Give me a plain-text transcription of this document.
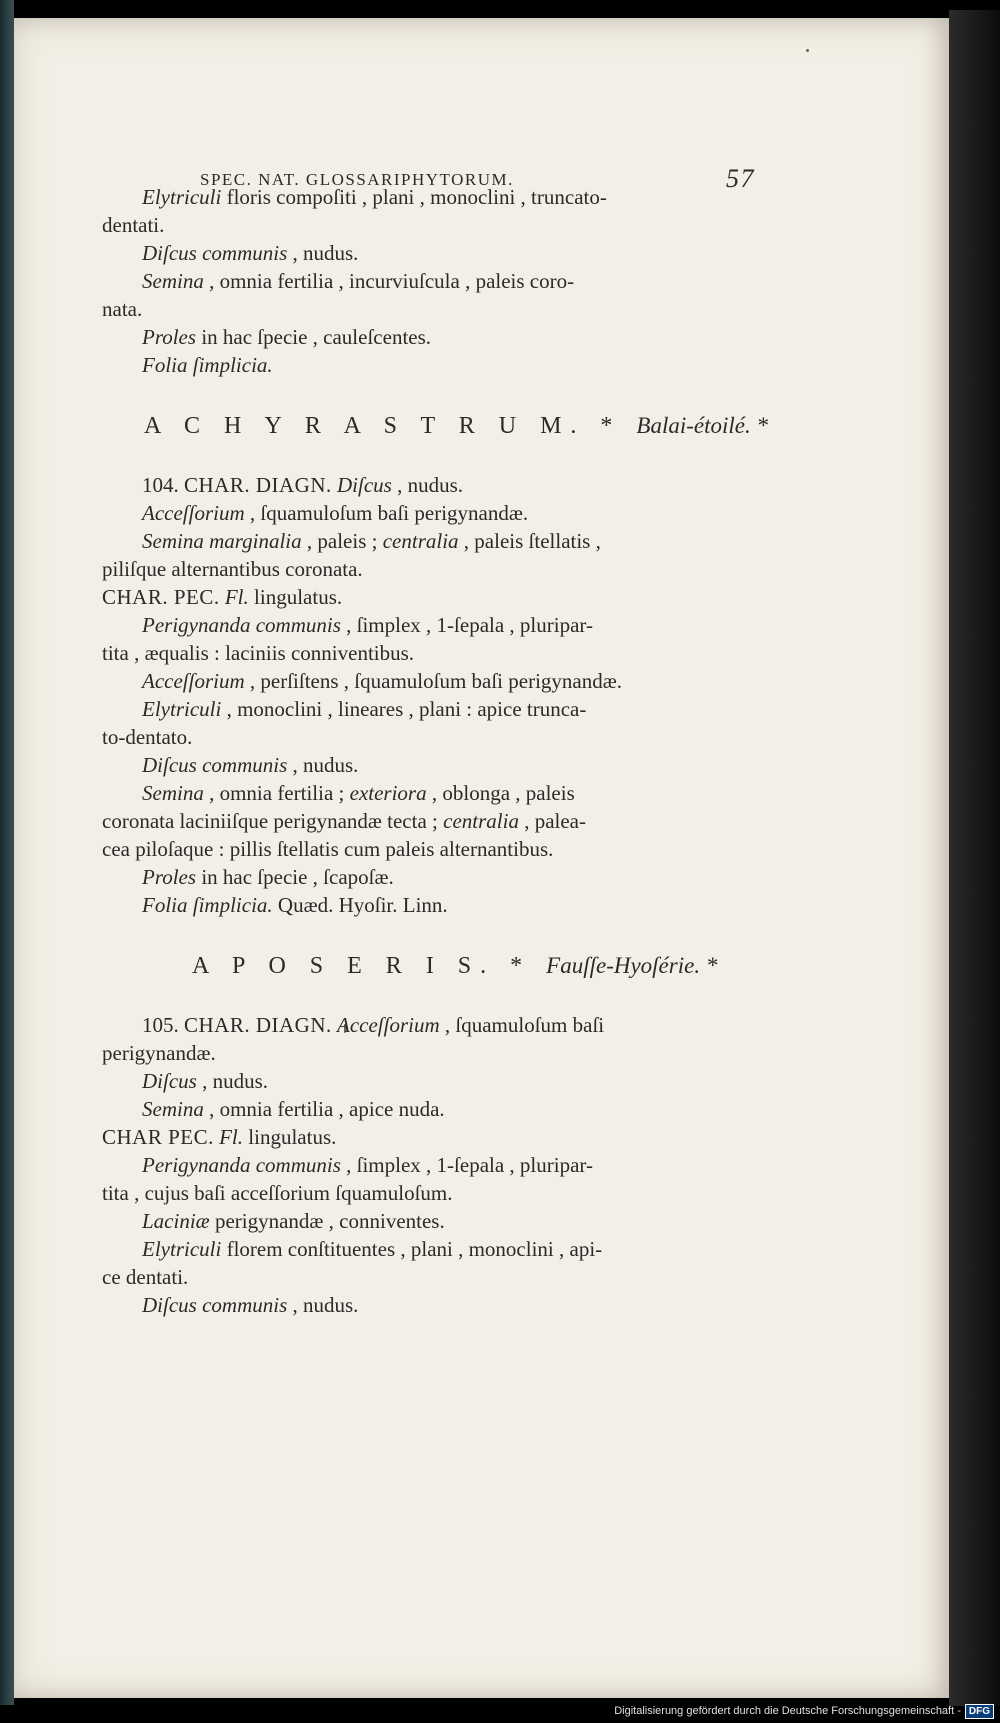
SPEC. NAT. GLOSSARIPHYTORUM.	57
Elytriculi floris compoſiti , plani , monoclini , truncato-
dentati.
Diſcus communis , nudus.
Semina , omnia fertilia , incurviuſcula , paleis coro-
nata.
Proles in hac ſpecie , cauleſcentes.
Folia ſimplicia.
A C H Y R A S T R U M. * Balai-étoilé. *
104. CHAR. DIAGN. Diſcus , nudus.
Acceſſorium , ſquamuloſum baſi perigynandæ.
Semina marginalia , paleis ; centralia , paleis ſtellatis ,
piliſque alternantibus coronata.
CHAR. PEC. Fl. lingulatus.
Perigynanda communis , ſimplex , 1-ſepala , pluripar-
tita , æqualis : laciniis conniventibus.
Acceſſorium , perſiſtens , ſquamuloſum baſi perigynandæ.
Elytriculi , monoclini , lineares , plani : apice trunca-
to-dentato.
Diſcus communis , nudus.
Semina , omnia fertilia ; exteriora , oblonga , paleis
coronata laciniiſque perigynandæ tecta ; centralia , palea-
cea piloſaque : pillis ſtellatis cum paleis alternantibus.
Proles in hac ſpecie , ſcapoſæ.
Folia ſimplicia. Quæd. Hyoſir. Linn.
A P O S E R I S. * Fauſſe-Hyoſérie. *
105. CHAR. DIAGN. Acceſſorium , ſquamuloſum baſi
perigynandæ.
Diſcus , nudus.
Semina , omnia fertilia , apice nuda.
CHAR PEC. Fl. lingulatus.
Perigynanda communis , ſimplex , 1-ſepala , pluripar-
tita , cujus baſi acceſſorium ſquamuloſum.
Laciniæ perigynandæ , conniventes.
Elytriculi florem conſtituentes , plani , monoclini , api-
ce dentati.
Diſcus communis , nudus.
Digitalisierung gefördert durch die Deutsche Forschungsgemeinschaft - DFG
